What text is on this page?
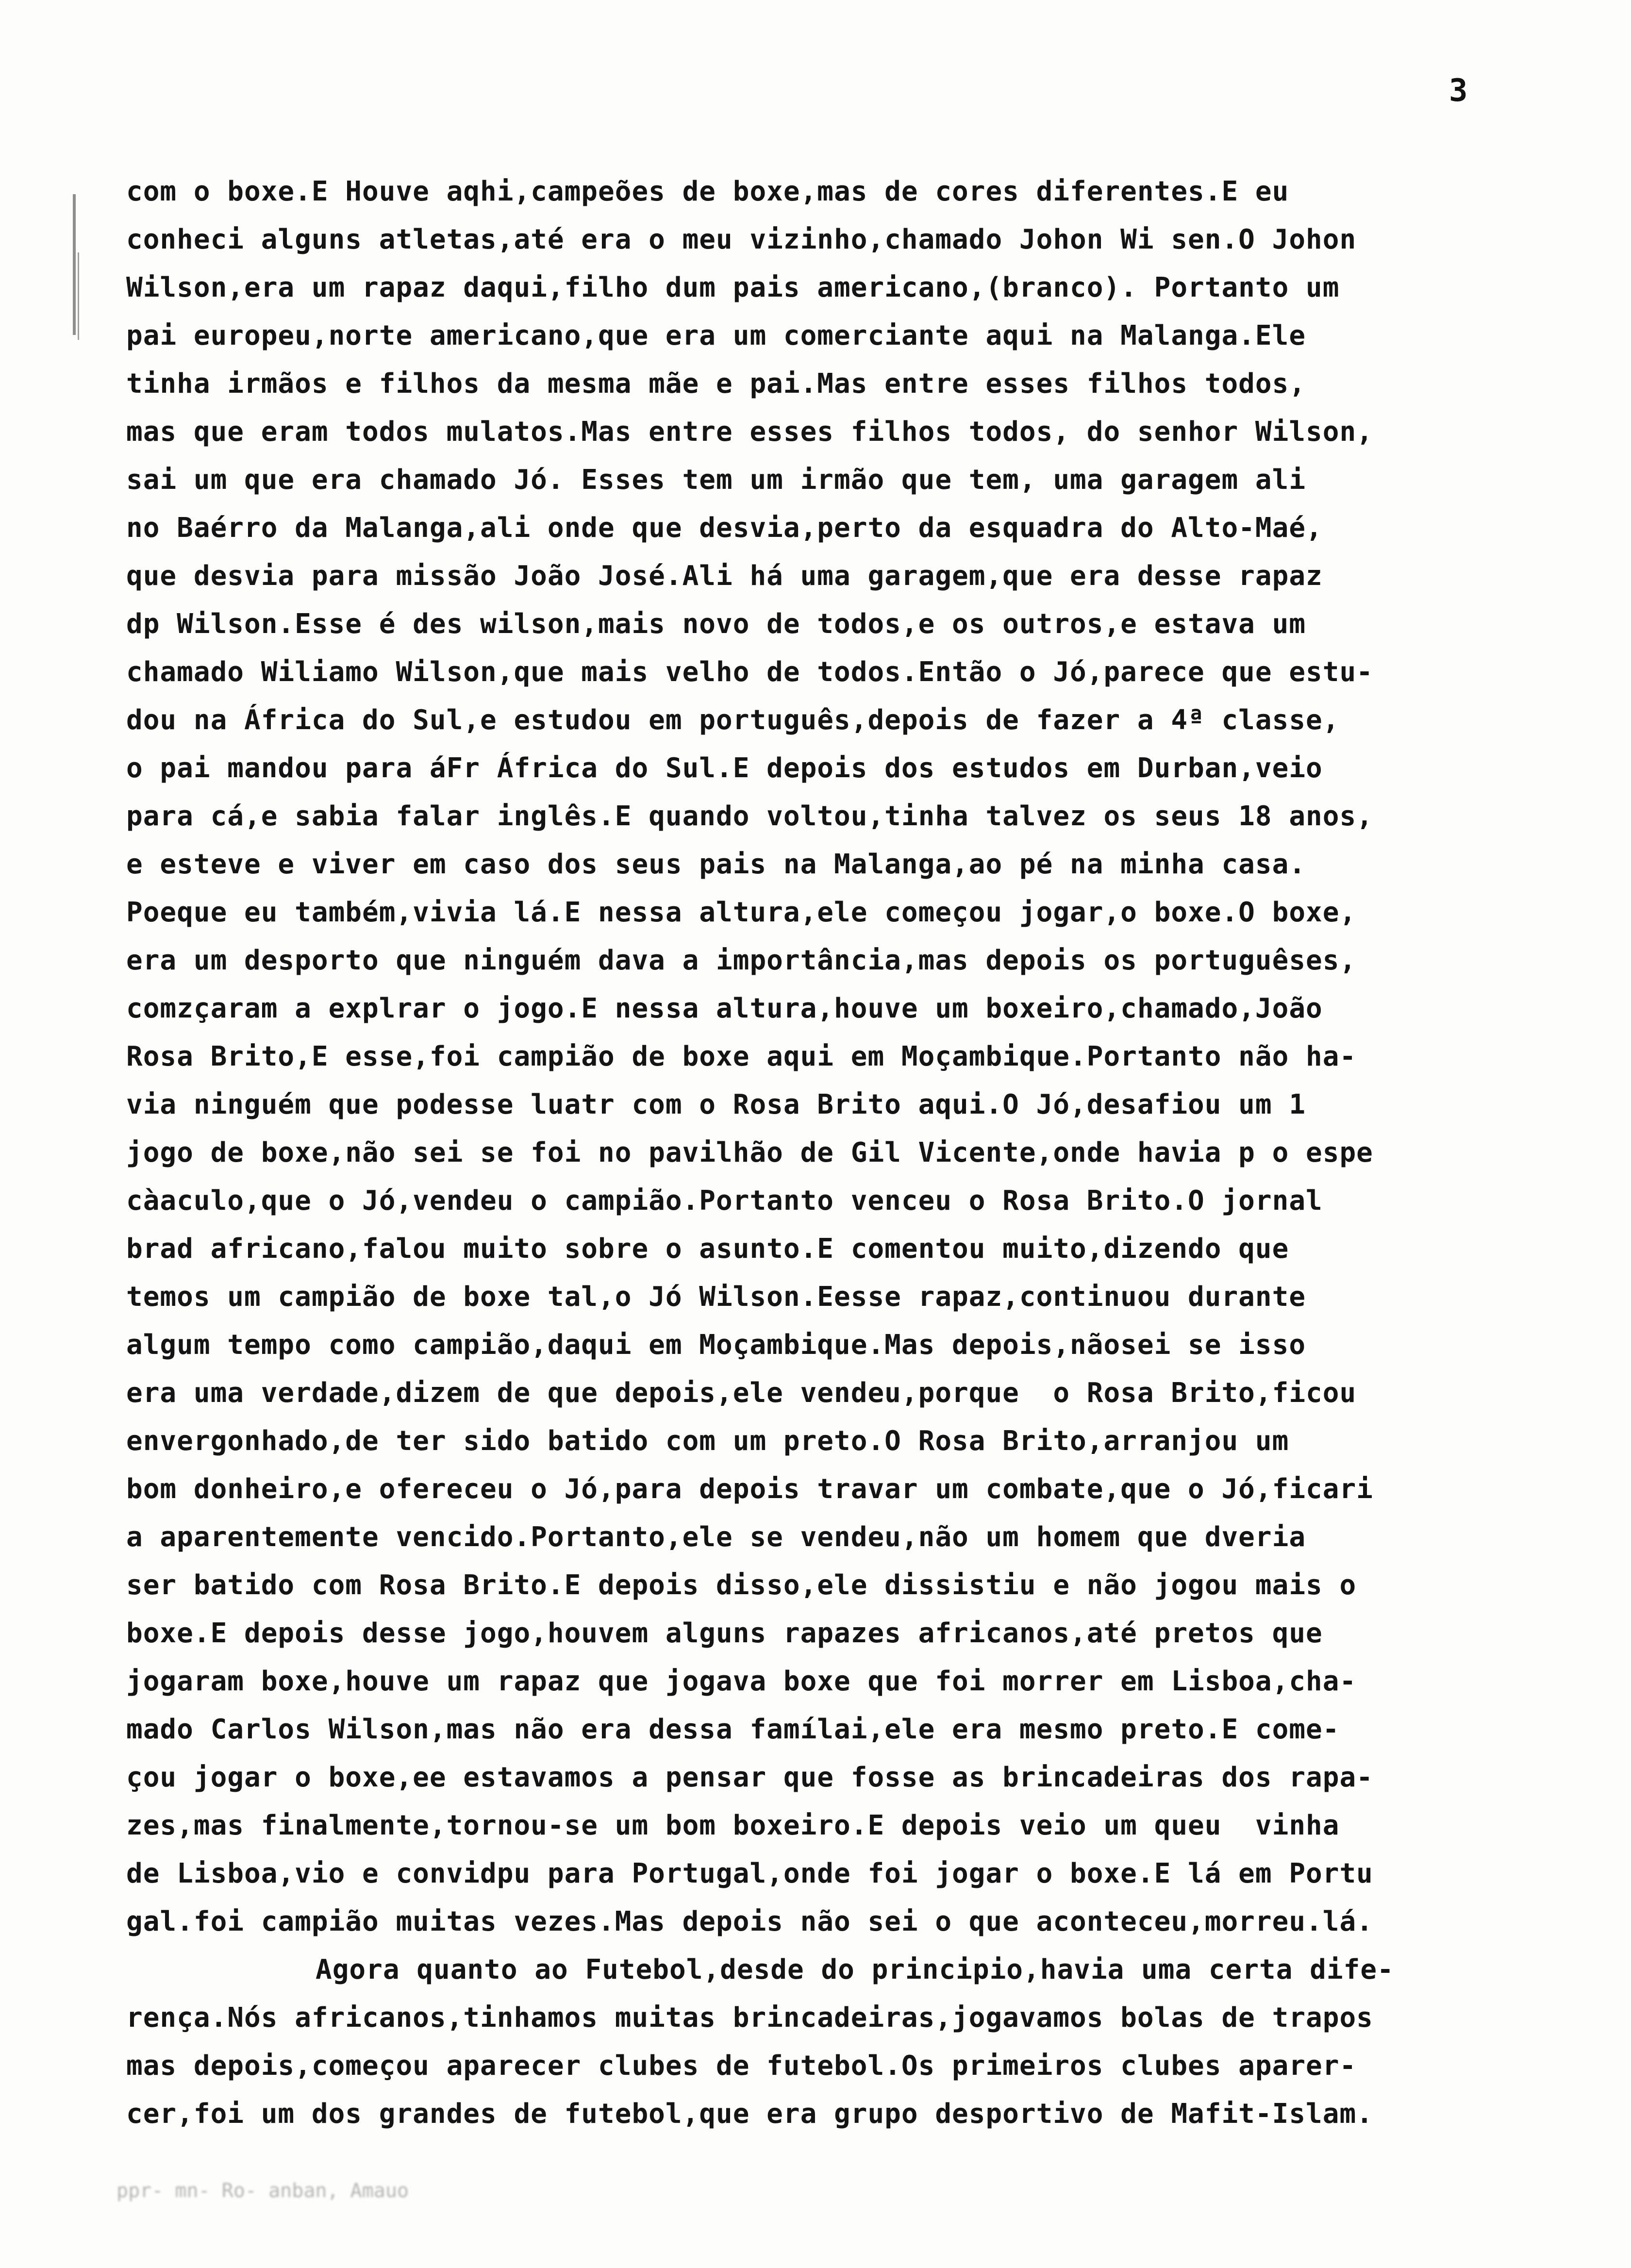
3
com o boxe.E Houve aqhi,campeões de boxe,mas de cores diferentes.E eu
conheci alguns atletas,até era o meu vizinho,chamado Johon Wi sen.O Johon
Wilson,era um rapaz daqui,filho dum pais americano,(branco). Portanto um
pai europeu,norte americano,que era um comerciante aqui na Malanga.Ele
tinha irmãos e filhos da mesma mãe e pai.Mas entre esses filhos todos,
mas que eram todos mulatos.Mas entre esses filhos todos, do senhor Wilson,
sai um que era chamado Jó. Esses tem um irmão que tem, uma garagem ali
no Baérro da Malanga,ali onde que desvia,perto da esquadra do Alto-Maé,
que desvia para missão João José.Ali há uma garagem,que era desse rapaz
dp Wilson.Esse é des wilson,mais novo de todos,e os outros,e estava um
chamado Wiliamo Wilson,que mais velho de todos.Então o Jó,parece que estu-
dou na África do Sul,e estudou em português,depois de fazer a 4ª classe,
o pai mandou para áFr África do Sul.E depois dos estudos em Durban,veio
para cá,e sabia falar inglês.E quando voltou,tinha talvez os seus 18 anos,
e esteve e viver em caso dos seus pais na Malanga,ao pé na minha casa.
Poeque eu também,vivia lá.E nessa altura,ele começou jogar,o boxe.O boxe,
era um desporto que ninguém dava a importância,mas depois os portuguêses,
comzçaram a explrar o jogo.E nessa altura,houve um boxeiro,chamado,João
Rosa Brito,E esse,foi campião de boxe aqui em Moçambique.Portanto não ha-
via ninguém que podesse luatr com o Rosa Brito aqui.O Jó,desafiou um 1
jogo de boxe,não sei se foi no pavilhão de Gil Vicente,onde havia p o espe
càaculo,que o Jó,vendeu o campião.Portanto venceu o Rosa Brito.O jornal
brad africano,falou muito sobre o asunto.E comentou muito,dizendo que
temos um campião de boxe tal,o Jó Wilson.Eesse rapaz,continuou durante
algum tempo como campião,daqui em Moçambique.Mas depois,nãosei se isso
era uma verdade,dizem de que depois,ele vendeu,porque  o Rosa Brito,ficou
envergonhado,de ter sido batido com um preto.O Rosa Brito,arranjou um
bom donheiro,e ofereceu o Jó,para depois travar um combate,que o Jó,ficari
a aparentemente vencido.Portanto,ele se vendeu,não um homem que dveria
ser batido com Rosa Brito.E depois disso,ele dissistiu e não jogou mais o
boxe.E depois desse jogo,houvem alguns rapazes africanos,até pretos que
jogaram boxe,houve um rapaz que jogava boxe que foi morrer em Lisboa,cha-
mado Carlos Wilson,mas não era dessa famílai,ele era mesmo preto.E come-
çou jogar o boxe,ee estavamos a pensar que fosse as brincadeiras dos rapa-
zes,mas finalmente,tornou-se um bom boxeiro.E depois veio um queu  vinha
de Lisboa,vio e convidpu para Portugal,onde foi jogar o boxe.E lá em Portu
gal.foi campião muitas vezes.Mas depois não sei o que aconteceu,morreu.lá.
Agora quanto ao Futebol,desde do principio,havia uma certa dife-
rença.Nós africanos,tinhamos muitas brincadeiras,jogavamos bolas de trapos
mas depois,começou aparecer clubes de futebol.Os primeiros clubes aparer-
cer,foi um dos grandes de futebol,que era grupo desportivo de Mafit-Islam.
ppr- mn- Ro- anban, Amauo
